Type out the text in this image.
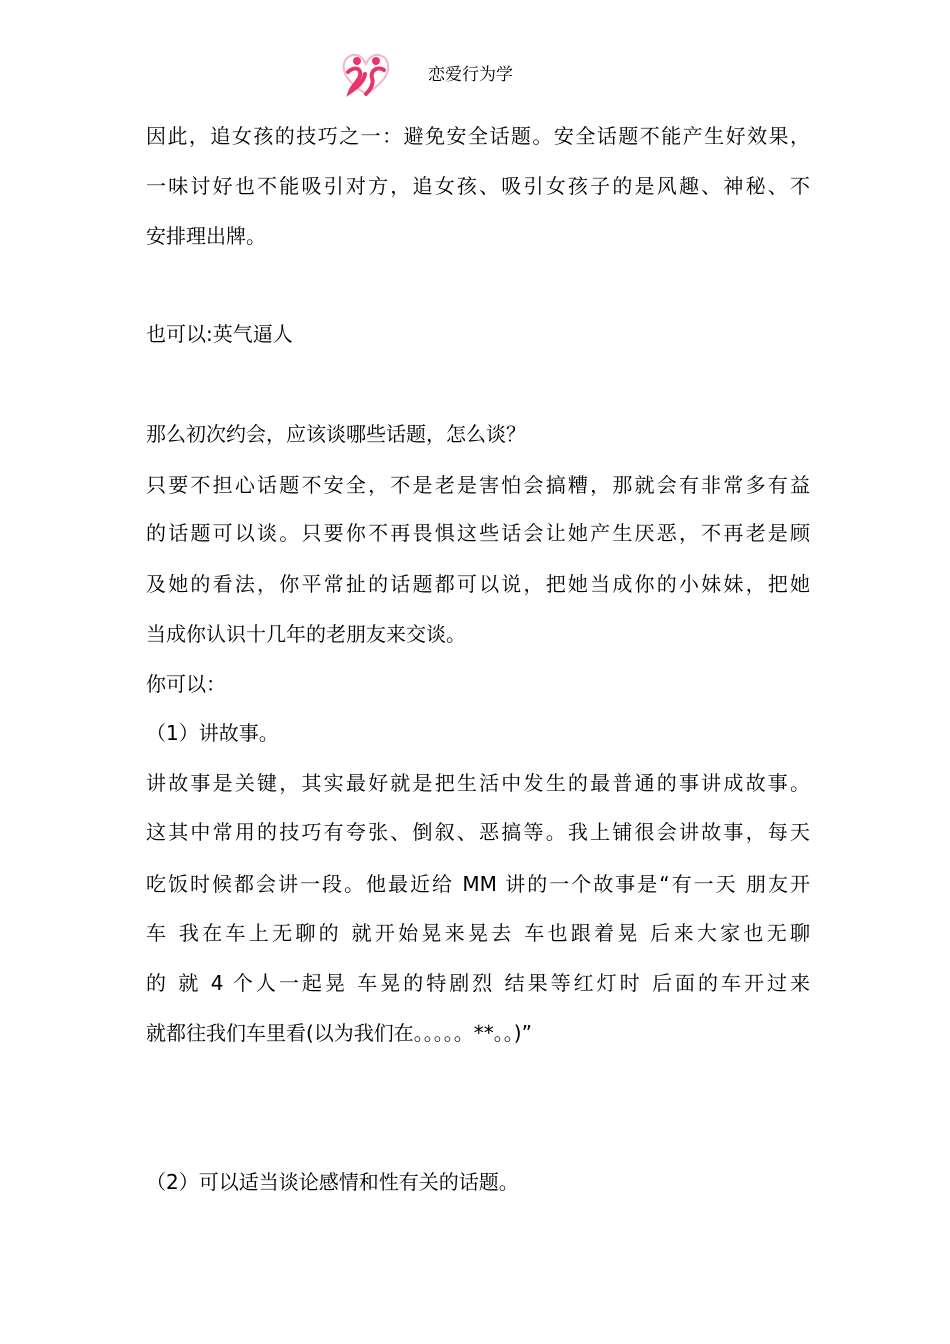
恋爱行为学
因此，追女孩的技巧之一：避免安全话题。安全话题不能产生好效果，
一味讨好也不能吸引对方，追女孩、吸引女孩子的是风趣、神秘、不
安排理出牌。
也可以:英气逼人
那么初次约会，应该谈哪些话题，怎么谈？
只要不担心话题不安全，不是老是害怕会搞糟，那就会有非常多有益
的话题可以谈。只要你不再畏惧这些话会让她产生厌恶，不再老是顾
及她的看法，你平常扯的话题都可以说，把她当成你的小妹妹，把她
当成你认识十几年的老朋友来交谈。
你可以：
（1）讲故事。
讲故事是关键，其实最好就是把生活中发生的最普通的事讲成故事。
这其中常用的技巧有夸张、倒叙、恶搞等。我上铺很会讲故事，每天
吃饭时候都会讲一段。他最近给 MM 讲的一个故事是“有一天 朋友开
车 我在车上无聊的 就开始晃来晃去 车也跟着晃 后来大家也无聊
的 就 4 个人一起晃 车晃的特剧烈 结果等红灯时 后面的车开过来
就都往我们车里看(以为我们在。。。。。**。。)”
（2）可以适当谈论感情和性有关的话题。
